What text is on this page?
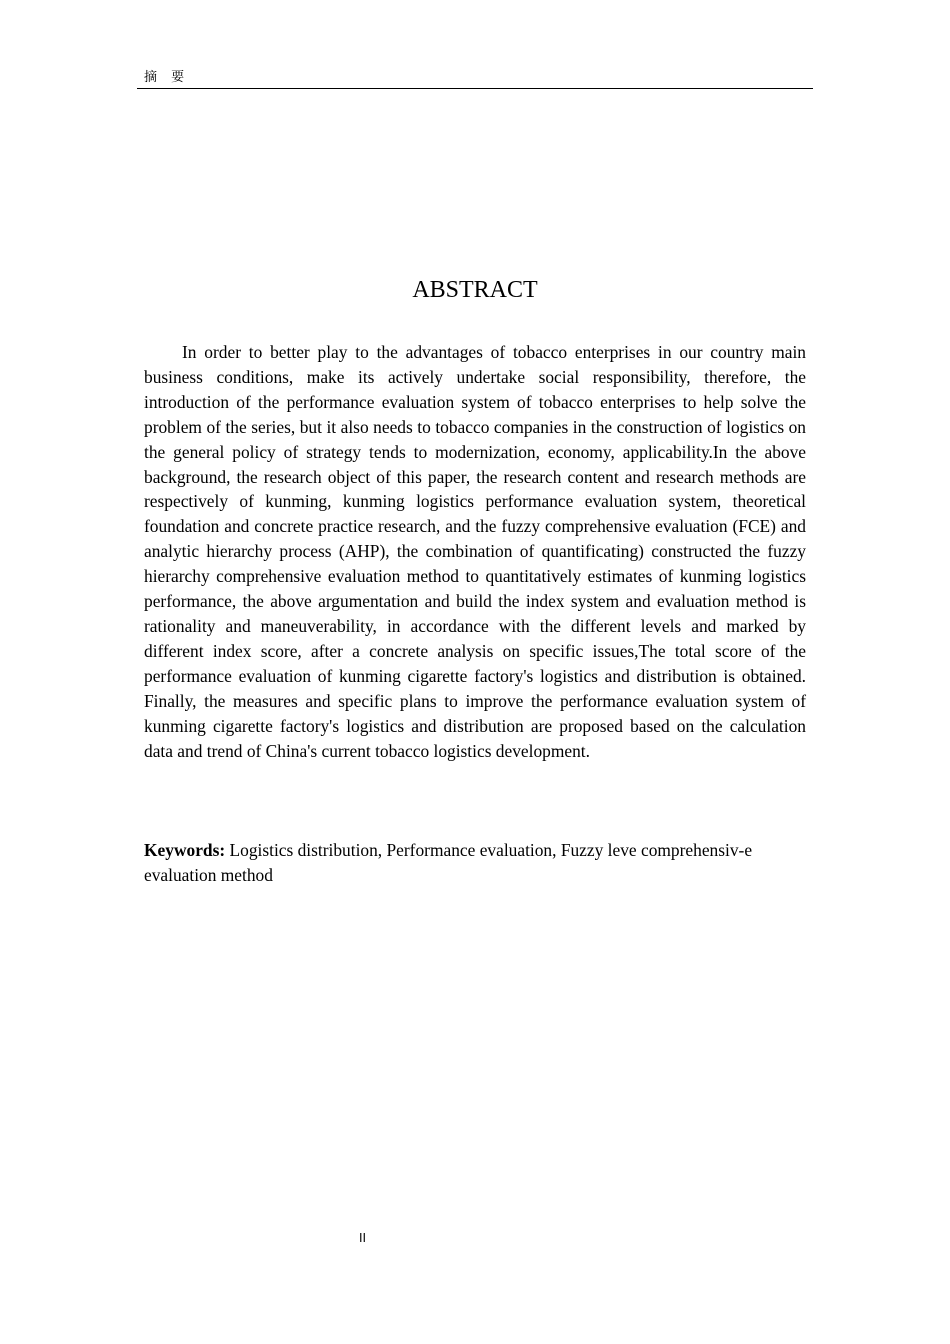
摘 要
ABSTRACT

In order to better play to the advantages of tobacco enterprises in our country main business conditions, make its actively undertake social responsibility, therefore, the introduction of the performance evaluation system of tobacco enterprises to help solve the problem of the series, but it also needs to tobacco companies in the construction of logistics on the general policy of strategy tends to modernization, economy, applicability.In the above background, the research object of this paper, the research content and research methods are respectively of kunming, kunming logistics performance evaluation system, theoretical foundation and concrete practice research, and the fuzzy comprehensive evaluation (FCE) and analytic hierarchy process (AHP), the combination of quantificating) constructed the fuzzy hierarchy comprehensive evaluation method to quantitatively estimates of kunming logistics performance, the above argumentation and build the index system and evaluation method is rationality and maneuverability, in accordance with the different levels and marked by different index score, after a concrete analysis on specific issues,The total score of the performance evaluation of kunming cigarette factory's logistics and distribution is obtained. Finally, the measures and specific plans to improve the performance evaluation system of kunming cigarette factory's logistics and distribution are proposed based on the calculation data and trend of China's current tobacco logistics development.

Keywords: Logistics distribution, Performance evaluation, Fuzzy leve comprehensiv-e evaluation method

II
